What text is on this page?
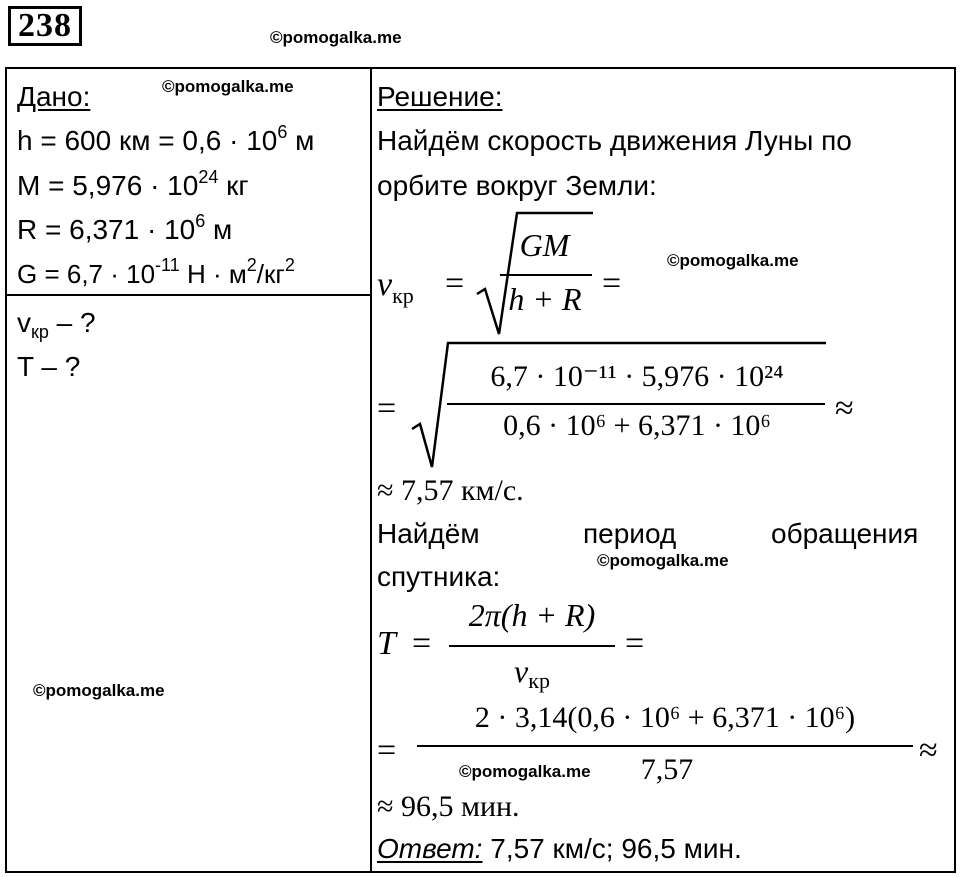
238	©pomogalka.me
Дано:	©pomogalka.me
h = 600 км = $0,6 \cdot 10^6$ м
$M = 5,976 \cdot 10^{24}$ кг
$R = 6,371 \cdot 10^6$ м
$G = 6,7 \cdot 10^{-11}$ $Н \cdot м^2/кг^2$
$v_{кр}$ – ?
T – ?
©pomogalka.me
Решение:
Найдём скорость движения Луны по
орбите вокруг Земли:
$v_{кр}$ =
GM
h + R =
©pomogalka.me
=
6,7 · 10⁻¹¹ · 5,976 · 10²⁴
0,6 · 10⁶ + 6,371 · 10⁶	≈
≈ 7,57 км/с.
Найдём	период	обращения
©pomogalka.me
спутника:
T =
2π(h + R)
vкр
=
=
2 · 3,14(0,6 · 10⁶ + 6,371 · 10⁶)
©pomogalka.me	7,57
≈
≈ 96,5 мин.
Ответ: 7,57 км/с; 96,5 мин.
